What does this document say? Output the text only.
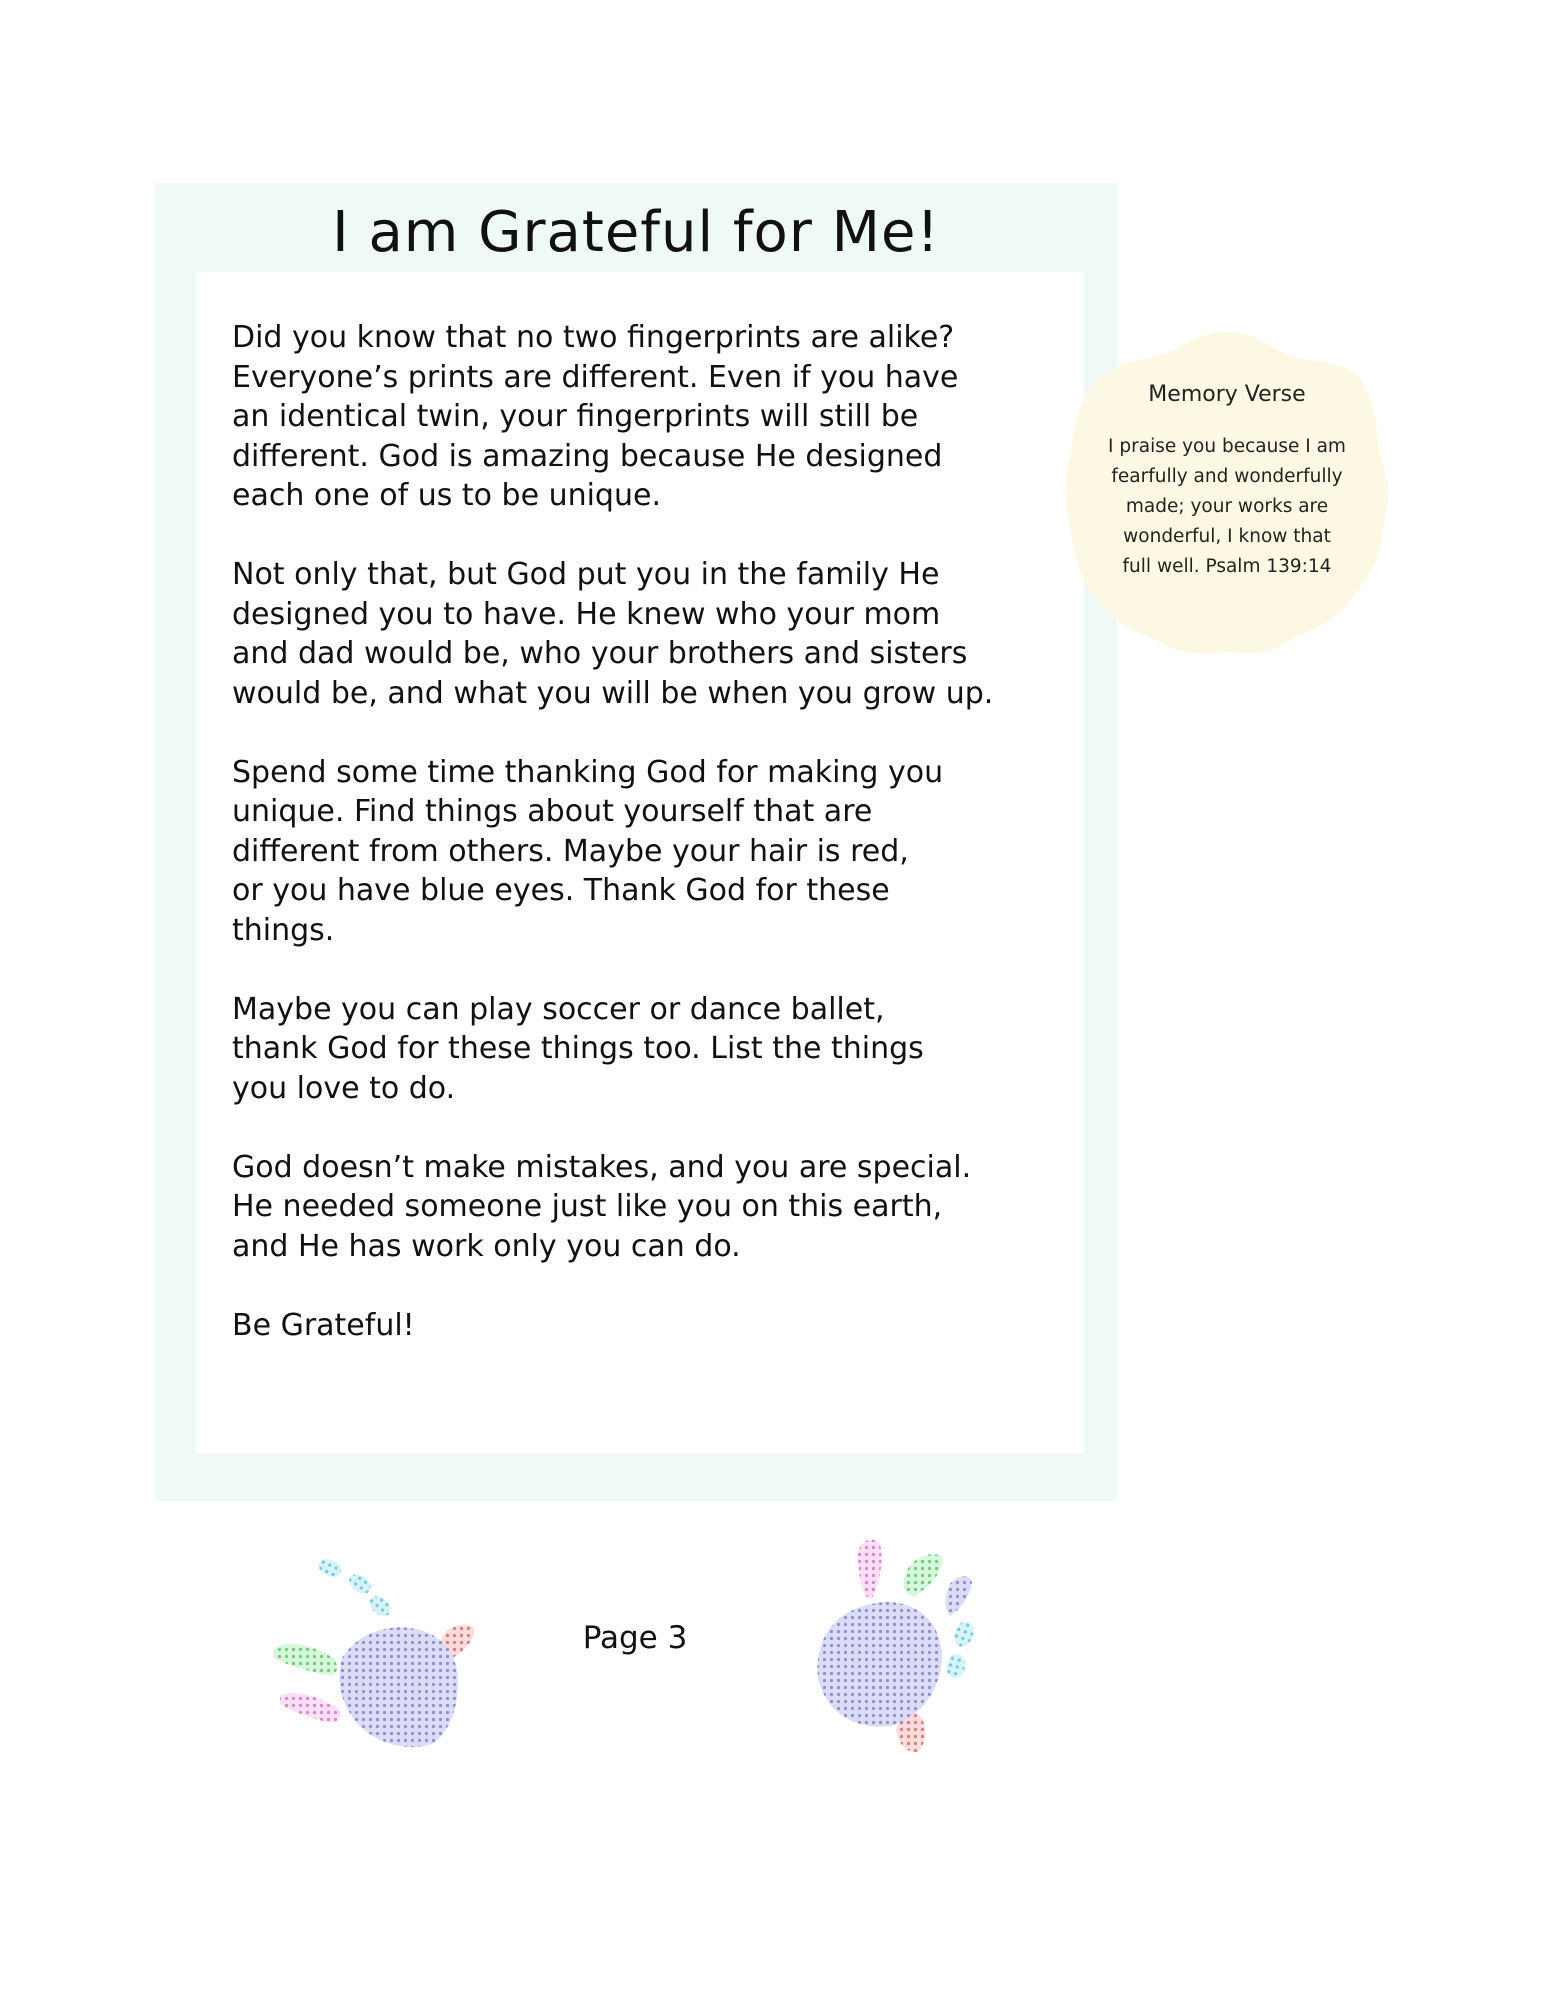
I am Grateful for Me!

Did you know that no two fingerprints are alike?
Everyone’s prints are different. Even if you have
an identical twin, your fingerprints will still be
different. God is amazing because He designed
each one of us to be unique.

Not only that, but God put you in the family He
designed you to have. He knew who your mom
and dad would be, who your brothers and sisters
would be, and what you will be when you grow up.

Spend some time thanking God for making you
unique. Find things about yourself that are
different from others. Maybe your hair is red,
or you have blue eyes. Thank God for these
things.

Maybe you can play soccer or dance ballet,
thank God for these things too. List the things
you love to do.

God doesn’t make mistakes, and you are special.
He needed someone just like you on this earth,
and He has work only you can do.

Be Grateful!

Memory Verse

I praise you because I am
fearfully and wonderfully
made; your works are
wonderful, I know that
full well. Psalm 139:14

Page 3
